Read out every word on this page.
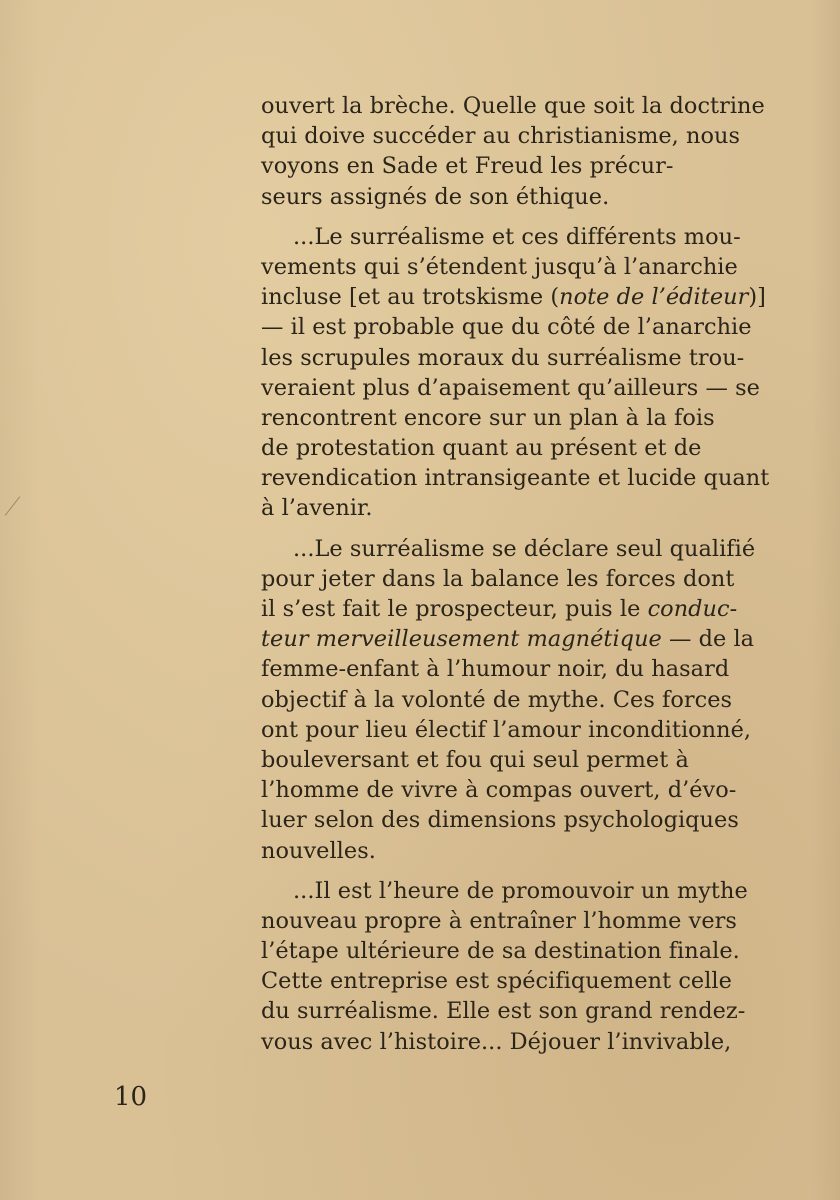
ouvert la brèche. Quelle que soit la doctrine
qui doive succéder au christianisme, nous
voyons en Sade et Freud les précur-
seurs assignés de son éthique.
...Le surréalisme et ces différents mou-
vements qui s’étendent jusqu’à l’anarchie
incluse [et au trotskisme (note de l’éditeur)]
— il est probable que du côté de l’anarchie
les scrupules moraux du surréalisme trou-
veraient plus d’apaisement qu’ailleurs — se
rencontrent encore sur un plan à la fois
de protestation quant au présent et de
revendication intransigeante et lucide quant
à l’avenir.
...Le surréalisme se déclare seul qualifié
pour jeter dans la balance les forces dont
il s’est fait le prospecteur, puis le conduc-
teur merveilleusement magnétique — de la
femme-enfant à l’humour noir, du hasard
objectif à la volonté de mythe. Ces forces
ont pour lieu électif l’amour inconditionné,
bouleversant et fou qui seul permet à
l’homme de vivre à compas ouvert, d’évo-
luer selon des dimensions psychologiques
nouvelles.
...Il est l’heure de promouvoir un mythe
nouveau propre à entraîner l’homme vers
l’étape ultérieure de sa destination finale.
Cette entreprise est spécifiquement celle
du surréalisme. Elle est son grand rendez-
vous avec l’histoire... Déjouer l’invivable,
10
